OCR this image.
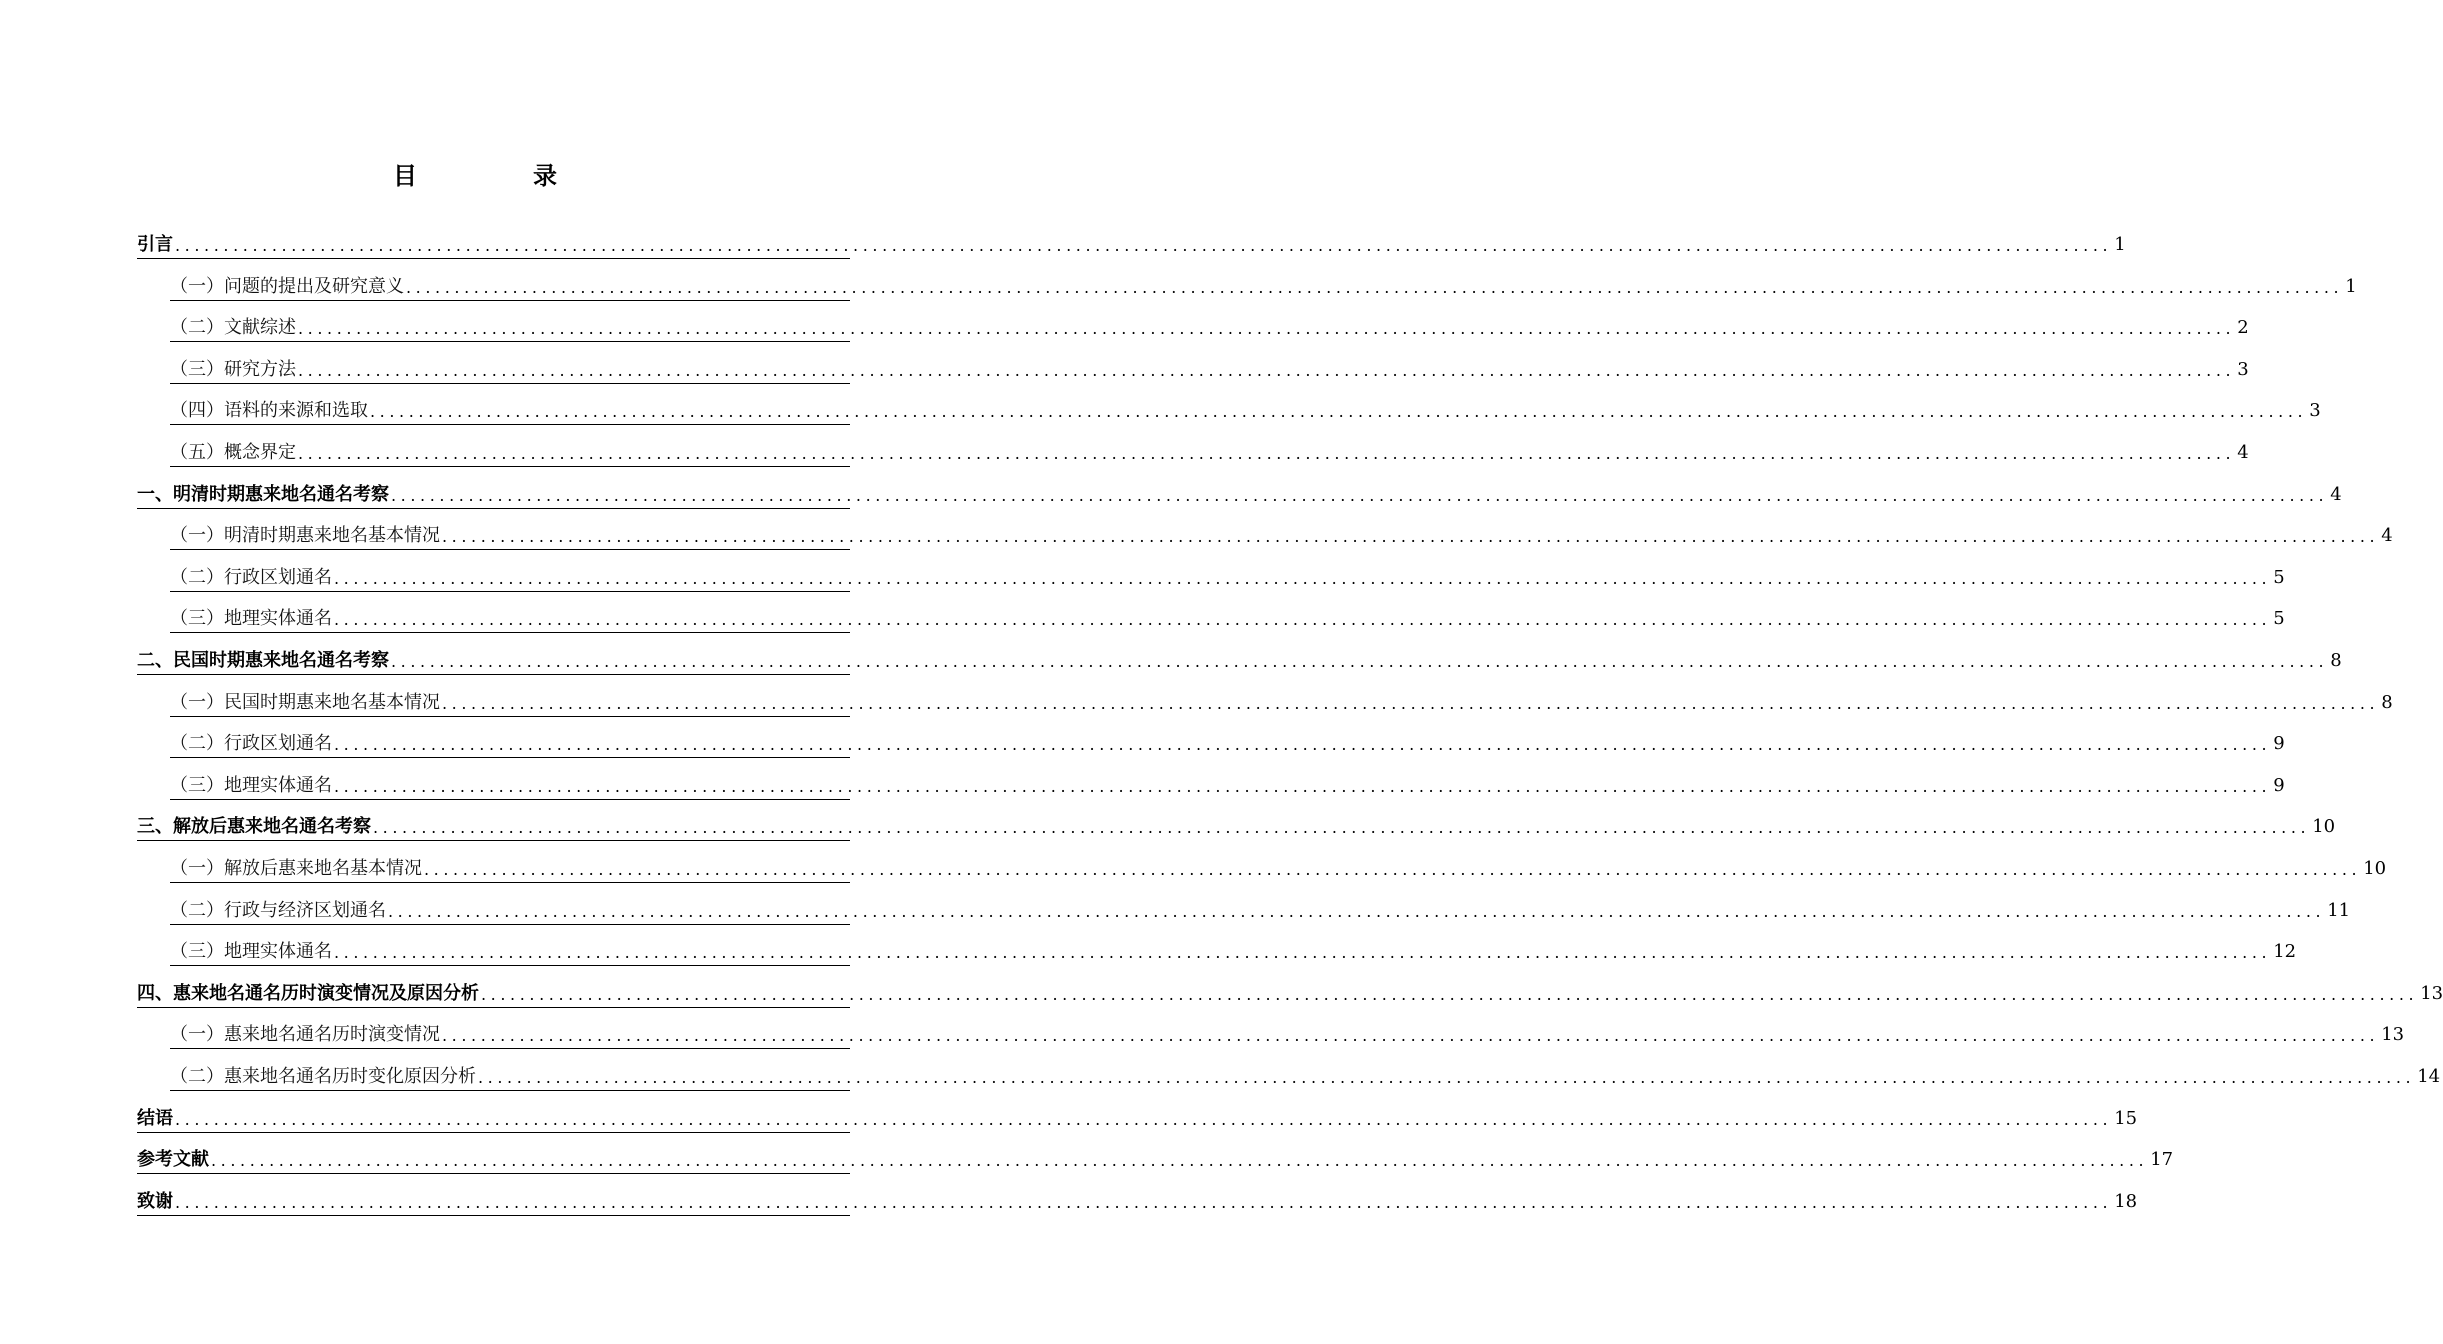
目　录
引言 ........................................................................................................................................................................................................ 1
（一）问题的提出及研究意义 ........................................................................................................................................................................................................ 1
（二）文献综述 ........................................................................................................................................................................................................ 2
（三）研究方法 ........................................................................................................................................................................................................ 3
（四）语料的来源和选取 ........................................................................................................................................................................................................ 3
（五）概念界定 ........................................................................................................................................................................................................ 4
一、明清时期惠来地名通名考察 ........................................................................................................................................................................................................ 4
（一）明清时期惠来地名基本情况 ........................................................................................................................................................................................................ 4
（二）行政区划通名 ........................................................................................................................................................................................................ 5
（三）地理实体通名 ........................................................................................................................................................................................................ 5
二、民国时期惠来地名通名考察 ........................................................................................................................................................................................................ 8
（一）民国时期惠来地名基本情况 ........................................................................................................................................................................................................ 8
（二）行政区划通名 ........................................................................................................................................................................................................ 9
（三）地理实体通名 ........................................................................................................................................................................................................ 9
三、解放后惠来地名通名考察 ........................................................................................................................................................................................................ 10
（一）解放后惠来地名基本情况 ........................................................................................................................................................................................................ 10
（二）行政与经济区划通名 ........................................................................................................................................................................................................ 11
（三）地理实体通名 ........................................................................................................................................................................................................ 12
四、惠来地名通名历时演变情况及原因分析 ........................................................................................................................................................................................................ 13
（一）惠来地名通名历时演变情况 ........................................................................................................................................................................................................ 13
（二）惠来地名通名历时变化原因分析 ........................................................................................................................................................................................................ 14
结语 ........................................................................................................................................................................................................ 15
参考文献 ........................................................................................................................................................................................................ 17
致谢 ........................................................................................................................................................................................................ 18
